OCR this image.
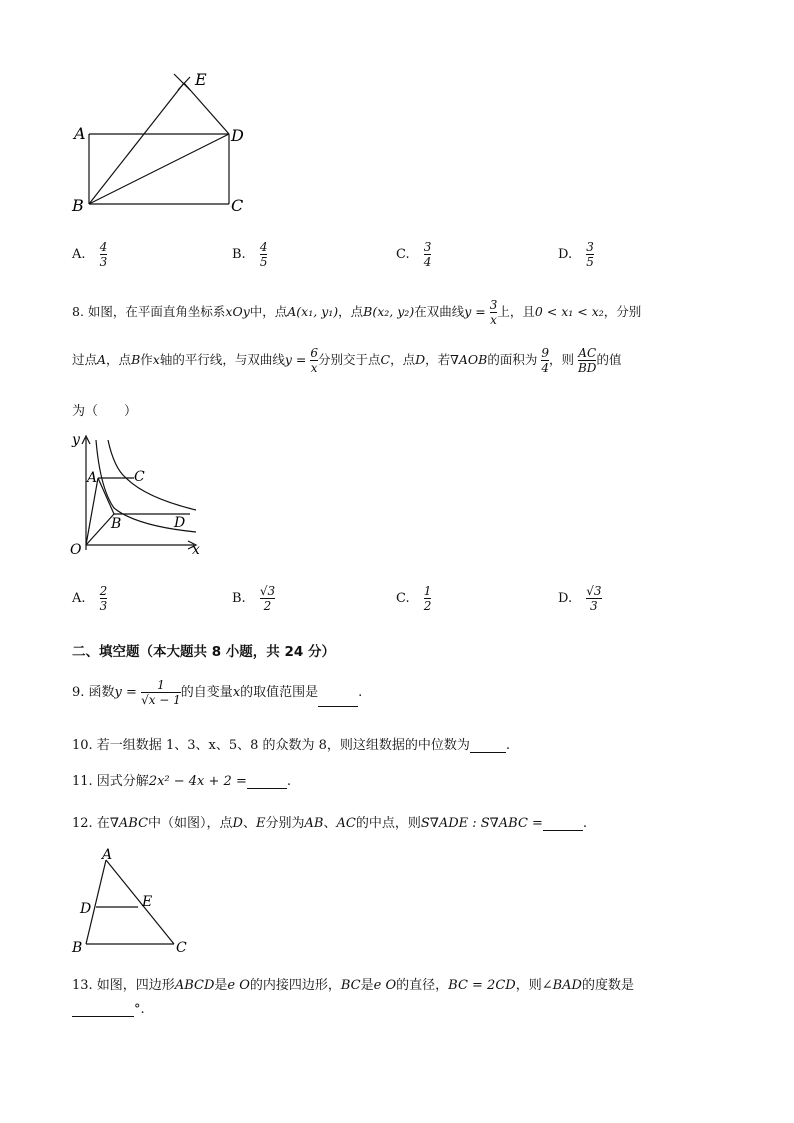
A
B	C
D
E
A. $\frac{4}{3}$	B. $\frac{4}{5}$	C. $\frac{3}{4}$	D. $\frac{3}{5}$
8. 如图，在平面直角坐标系xOy中，点A(x₁, y₁)，点B(x₂, y₂)在双曲线$y = \frac{3}{x}$ 上，且0 < x₁ < x₂，分别
过点A，点B作x轴的平行线，与双曲线$y = \frac{6}{x}$ 分别交于点C，点D，若∇AOB的面积为 $\frac{9}{4}$ ，则 $\frac{AC}{BD}$ 的值
为（　　）
y
A	C
B	D
O	x
A. $\frac{2}{3}$	B. $\frac{√3}{2}$	C. $\frac{1}{2}$	D. $\frac{√3}{3}$
二、填空题（本大题共 8 小题，共 24 分）
9. 函数$y = \frac{1}{√x - 1}$ 的自变量x的取值范围是	.
10. 若一组数据 1、3、x、5、8 的众数为 8，则这组数据的中位数为	.
11. 因式分解2x² − 4x + 2 =	.
12. 在∇ABC中（如图），点D、E分别为AB、AC的中点，则S∇ADE : S∇ABC =	.
A
D	E
B	C
13. 如图，四边形ABCD是e O的内接四边形，BC是e O的直径，BC = 2CD，则∠BAD的度数是
°.
